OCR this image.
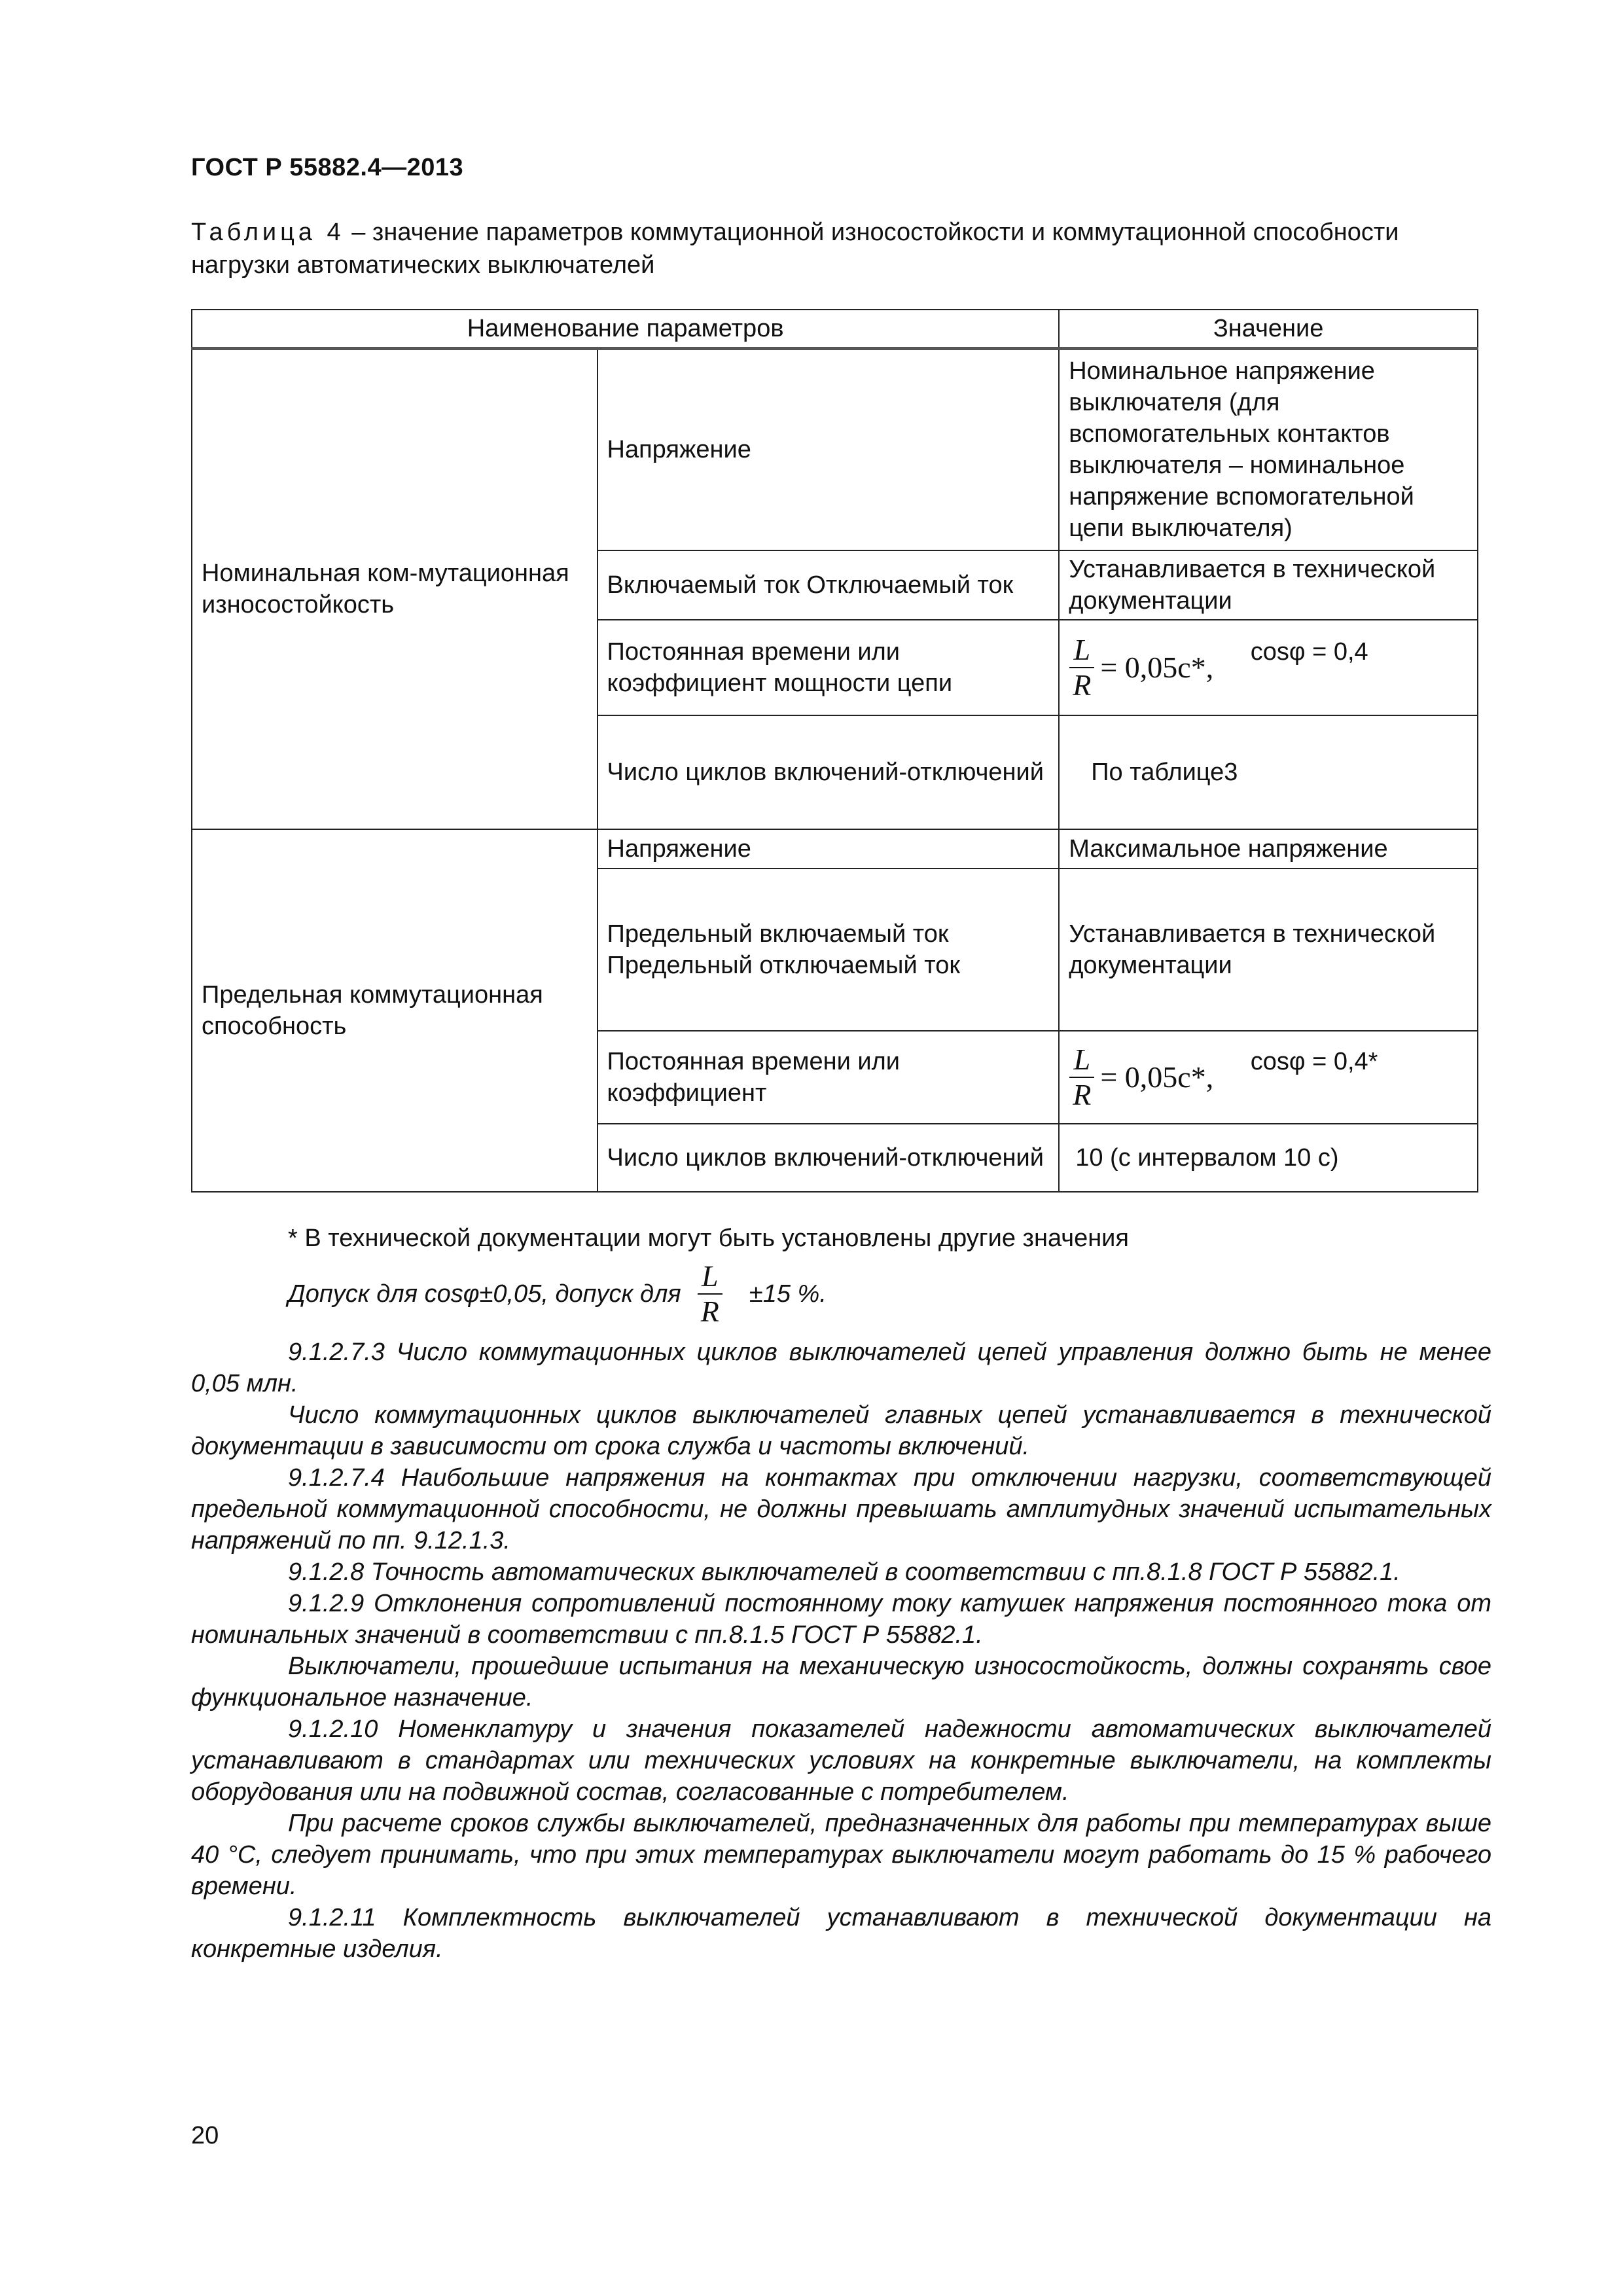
ГОСТ Р 55882.4—2013
Таблица 4 – значение параметров коммутационной износостойкости и коммутационной способности нагрузки автоматических выключателей
Наименование параметров		Значение
Номинальная ком-мутационная износостойкость	Напряжение	Номинальное напряжение выключателя (для вспомогательных контактов выключателя – номинальное напряжение вспомогательной цепи выключателя)
	Включаемый ток Отключаемый ток	Устанавливается в технической документации
	Постоянная времени или коэффициент мощности цепи	$\frac{L}{R} = 0,05с*$, cosφ = 0,4
	Число циклов включений-отключений	По таблице3
Предельная коммутационная способность	Напряжение	Максимальное напряжение
	Предельный включаемый ток Предельный отключаемый ток	Устанавливается в технической документации
	Постоянная времени или коэффициент	$\frac{L}{R} = 0,05с*$, cosφ = 0,4*
	Число циклов включений-отключений	10 (с интервалом 10 с)
* В технической документации могут быть установлены другие значения
Допуск для cosφ±0,05, допуск для $\frac{L}{R} \pm 15$ %.

9.1.2.7.3 Число коммутационных циклов выключателей цепей управления должно быть не менее 0,05 млн.

Число коммутационных циклов выключателей главных цепей устанавливается в технической документации в зависимости от срока служба и частоты включений.

9.1.2.7.4 Наибольшие напряжения на контактах при отключении нагрузки, соответствующей предельной коммутационной способности, не должны превышать амплитудных значений испытательных напряжений по пп. 9.12.1.3.

9.1.2.8 Точность автоматических выключателей в соответствии с пп.8.1.8 ГОСТ Р 55882.1.

9.1.2.9 Отклонения сопротивлений постоянному току катушек напряжения постоянного тока от номинальных значений в соответствии с пп.8.1.5 ГОСТ Р 55882.1.

Выключатели, прошедшие испытания на механическую износостойкость, должны сохранять свое функциональное назначение.

9.1.2.10 Номенклатуру и значения показателей надежности автоматических выключателей устанавливают в стандартах или технических условиях на конкретные выключатели, на комплекты оборудования или на подвижной состав, согласованные с потребителем.

При расчете сроков службы выключателей, предназначенных для работы при температурах выше 40 °С, следует принимать, что при этих температурах выключатели могут работать до 15 % рабочего времени.

9.1.2.11 Комплектность выключателей устанавливают в технической документации на конкретные изделия.

20
